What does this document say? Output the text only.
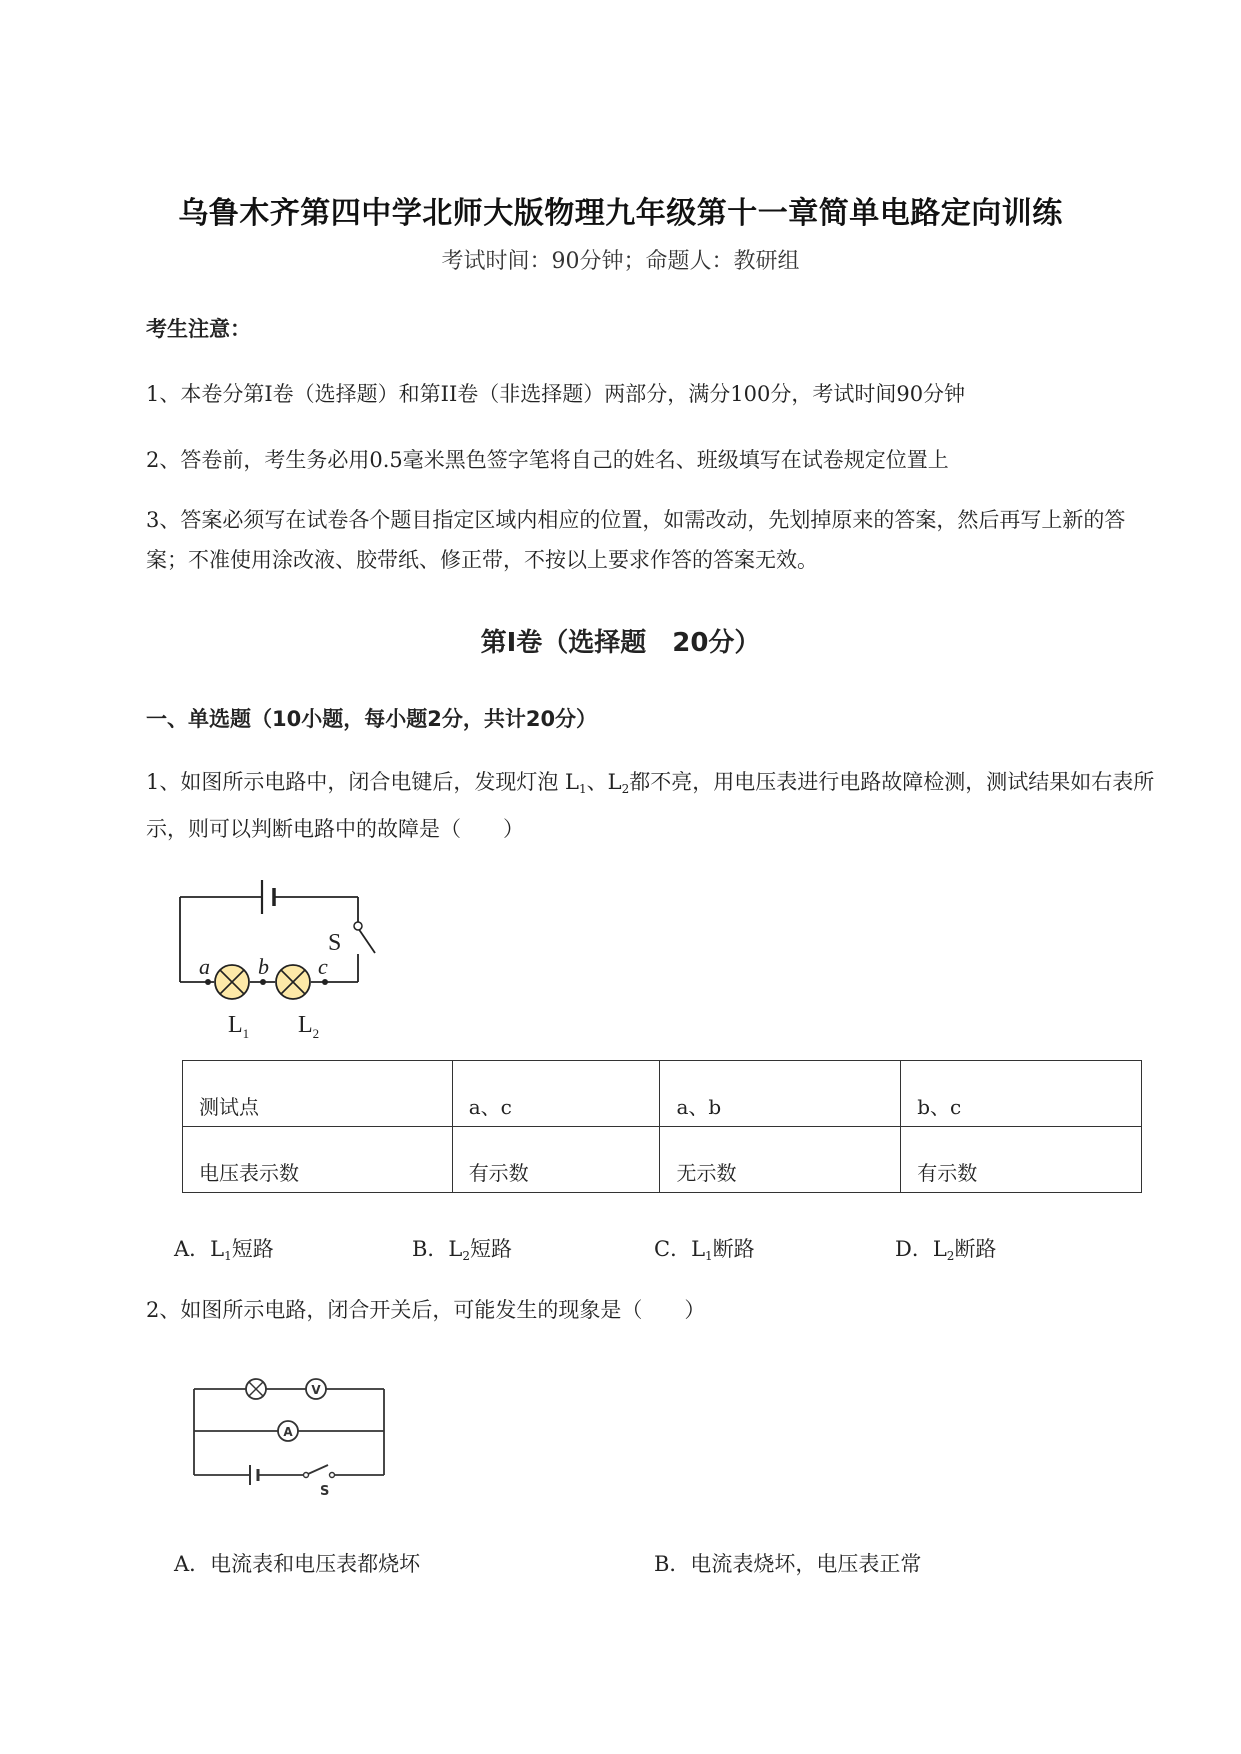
乌鲁木齐第四中学北师大版物理九年级第十一章简单电路定向训练
考试时间：90分钟；命题人：教研组
考生注意：
1、本卷分第I卷（选择题）和第II卷（非选择题）两部分，满分100分，考试时间90分钟
2、答卷前，考生务必用0.5毫米黑色签字笔将自己的姓名、班级填写在试卷规定位置上
3、答案必须写在试卷各个题目指定区域内相应的位置，如需改动，先划掉原来的答案，然后再写上新的答案；不准使用涂改液、胶带纸、修正带，不按以上要求作答的答案无效。
第I卷（选择题　20分）
一、单选题（10小题，每小题2分，共计20分）
1、如图所示电路中，闭合电键后，发现灯泡 $L_1$、$L_2$都不亮，用电压表进行电路故障检测，测试结果如右表所示，则可以判断电路中的故障是（　　）
S
a b c
$L_1$ $L_2$
测试点	a、c	a、b	b、c
电压表示数	有示数	无示数	有示数
A．$L_1$短路	B．$L_2$短路	C．$L_1$断路	D．$L_2$断路
2、如图所示电路，闭合开关后，可能发生的现象是（　　）
V
A
S
A．电流表和电压表都烧坏	B．电流表烧坏，电压表正常
